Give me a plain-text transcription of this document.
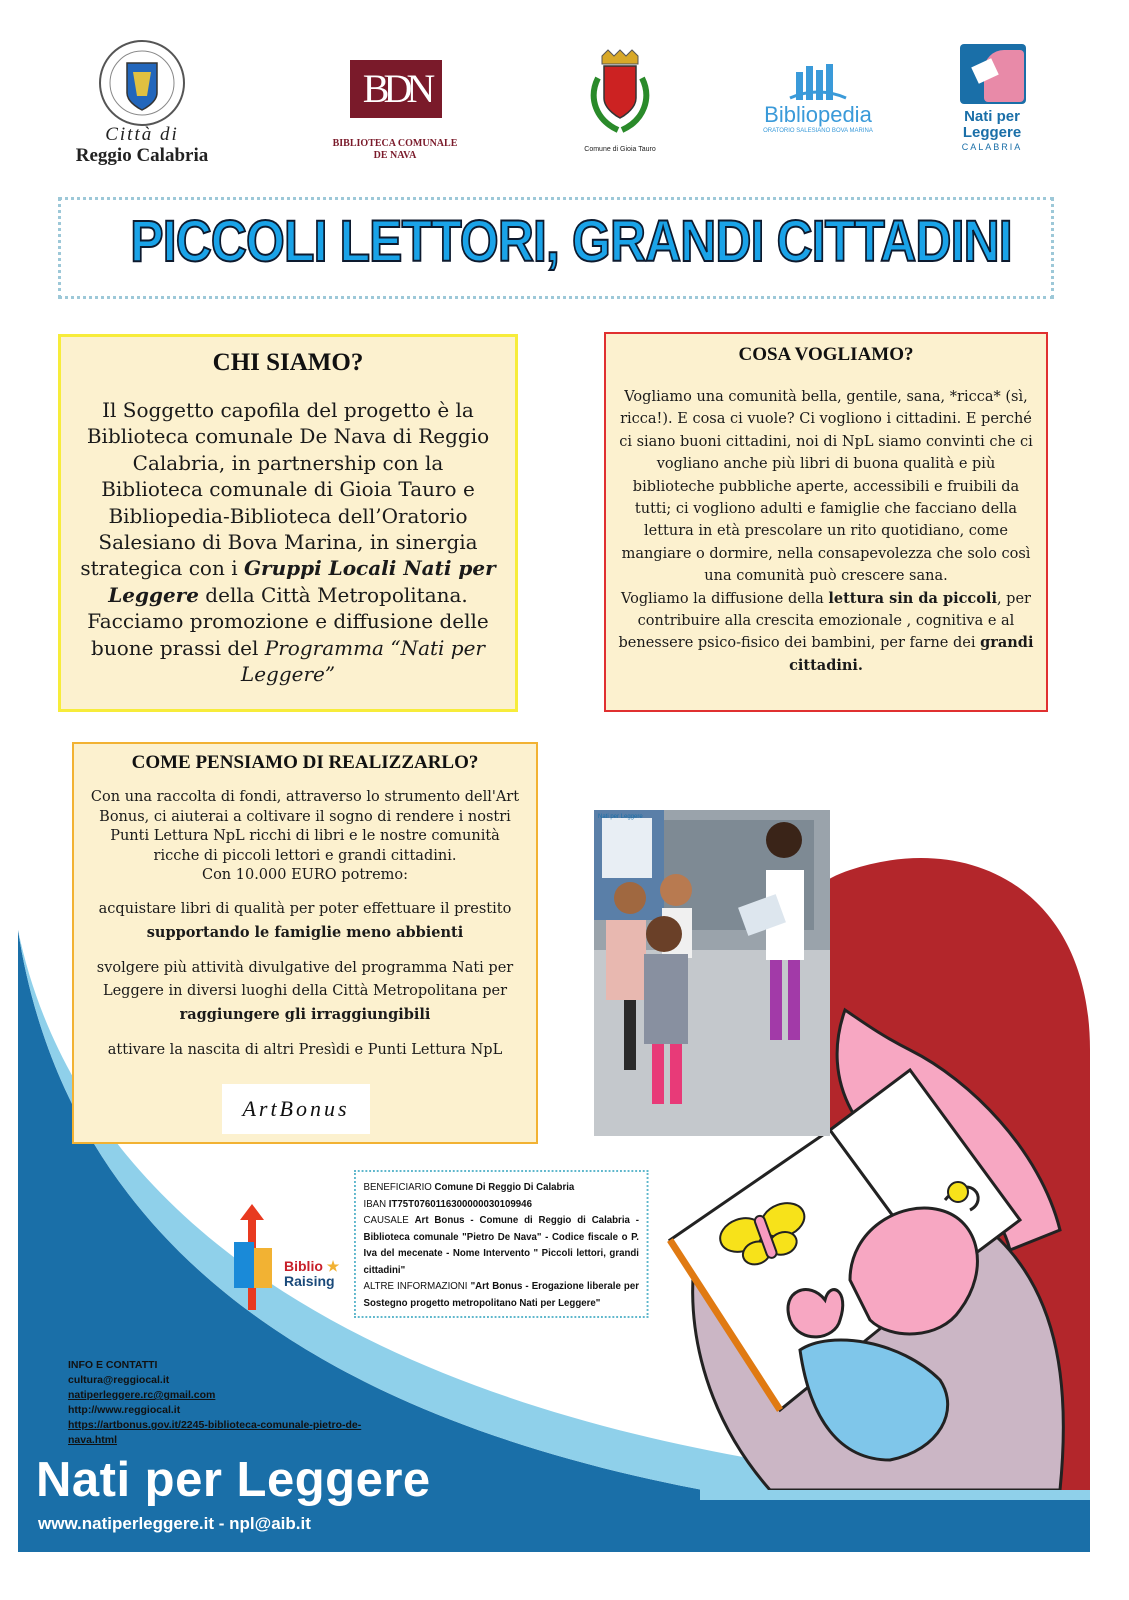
Città di
Reggio Calabria
BDN
BIBLIOTECA COMUNALE
DE NAVA
Comune di Gioia Tauro
Bibliopedia
ORATORIO SALESIANO BOVA MARINA
Nati per
Leggere
CALABRIA
PICCOLI LETTORI, GRANDI CITTADINI
CHI SIAMO?

Il Soggetto capofila del progetto è la Biblioteca comunale De Nava di Reggio Calabria, in partnership con la Biblioteca comunale di Gioia Tauro e Bibliopedia-Biblioteca dell’Oratorio Salesiano di Bova Marina, in sinergia strategica con i Gruppi Locali Nati per Leggere della Città Metropolitana.
Facciamo promozione e diffusione delle buone prassi del Programma “Nati per Leggere”

COSA VOGLIAMO?

Vogliamo una comunità bella, gentile, sana, *ricca* (sì, ricca!). E cosa ci vuole? Ci vogliono i cittadini. E perché ci siano buoni cittadini, noi di NpL siamo convinti che ci vogliano anche più libri di buona qualità e più biblioteche pubbliche aperte, accessibili e fruibili da tutti; ci vogliono adulti e famiglie che facciano della lettura in età prescolare un rito quotidiano, come mangiare o dormire, nella consapevolezza che solo così una comunità può crescere sana.
Vogliamo la diffusione della lettura sin da piccoli, per contribuire alla crescita emozionale , cognitiva e al benessere psico-fisico dei bambini, per farne dei grandi cittadini.

COME PENSIAMO DI REALIZZARLO?

Con una raccolta di fondi, attraverso lo strumento dell'Art Bonus, ci aiuterai a coltivare il sogno di rendere i nostri Punti Lettura NpL ricchi di libri e le nostre comunità ricche di piccoli lettori e grandi cittadini.
Con 10.000 EURO potremo:

acquistare libri di qualità per poter effettuare il prestito supportando le famiglie meno abbienti

svolgere più attività divulgative del programma Nati per Leggere in diversi luoghi della Città Metropolitana per raggiungere gli irraggiungibili

attivare la nascita di altri Presìdi e Punti Lettura NpL

ArtBonus
Nati per Leggere
Biblio ★
Raising
BENEFICIARIO Comune Di Reggio Di Calabria
IBAN IT75T0760116300000030109946
CAUSALE Art Bonus - Comune di Reggio di Calabria - Biblioteca comunale "Pietro De Nava" - Codice fiscale o P. Iva del mecenate - Nome Intervento " Piccoli lettori, grandi cittadini"
ALTRE INFORMAZIONI "Art Bonus - Erogazione liberale per Sostegno progetto metropolitano Nati per Leggere"
INFO E CONTATTI
cultura@reggiocal.it
natiperleggere.rc@gmail.com
http://www.reggiocal.it
https://artbonus.gov.it/2245-biblioteca-comunale-pietro-de-
nava.html
Nati per Leggere
www.natiperleggere.it - npl@aib.it
